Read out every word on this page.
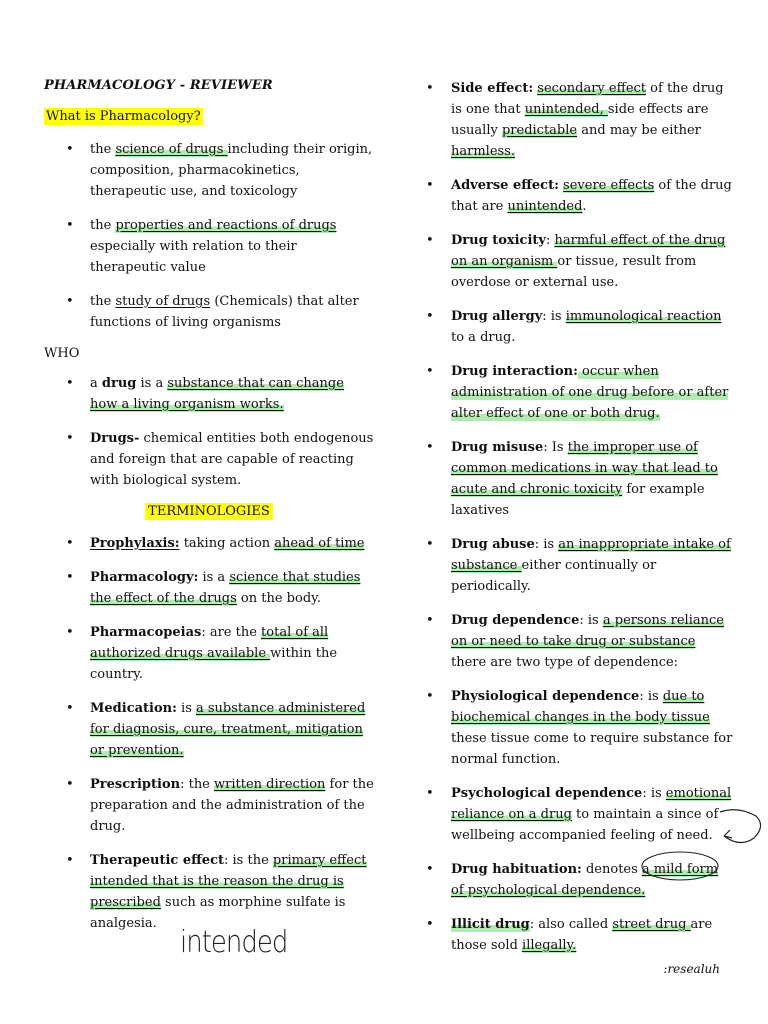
PHARMACOLOGY - REVIEWER

What is Pharmacology?
• the science of drugs including their origin, composition, pharmacokinetics, therapeutic use, and toxicology
• the properties and reactions of drugs especially with relation to their therapeutic value
• the study of drugs (Chemicals) that alter functions of living organisms

WHO

• a drug is a substance that can change how a living organism works.
• Drugs- chemical entities both endogenous and foreign that are capable of reacting with biological system.

TERMINOLOGIES

• Prophylaxis: taking action ahead of time
• Pharmacology: is a science that studies the effect of the drugs on the body.
• Pharmacopeias: are the total of all authorized drugs available within the country.
• Medication: is a substance administered for diagnosis, cure, treatment, mitigation or prevention.
• Prescription: the written direction for the preparation and the administration of the drug.
• Therapeutic effect: is the primary effect intended that is the reason the drug is prescribed such as morphine sulfate is analgesia.
• Side effect: secondary effect of the drug is one that unintended, side effects are usually predictable and may be either harmless.
• Adverse effect: severe effects of the drug that are unintended.
• Drug toxicity: harmful effect of the drug on an organism or tissue, result from overdose or external use.
• Drug allergy: is immunological reaction to a drug.
• Drug interaction: occur when administration of one drug before or after alter effect of one or both drug.
• Drug misuse: Is the improper use of common medications in way that lead to acute and chronic toxicity for example laxatives
• Drug abuse: is an inappropriate intake of substance either continually or periodically.
• Drug dependence: is a persons reliance on or need to take drug or substance there are two type of dependence:
• Physiological dependence: is due to biochemical changes in the body tissue these tissue come to require substance for normal function.
• Psychological dependence: is emotional reliance on a drug to maintain a since of wellbeing accompanied feeling of need.
• Drug habituation: denotes a mild form of psychological dependence.
• Illicit drug: also called street drug are those sold illegally.
intended
:resealuh
